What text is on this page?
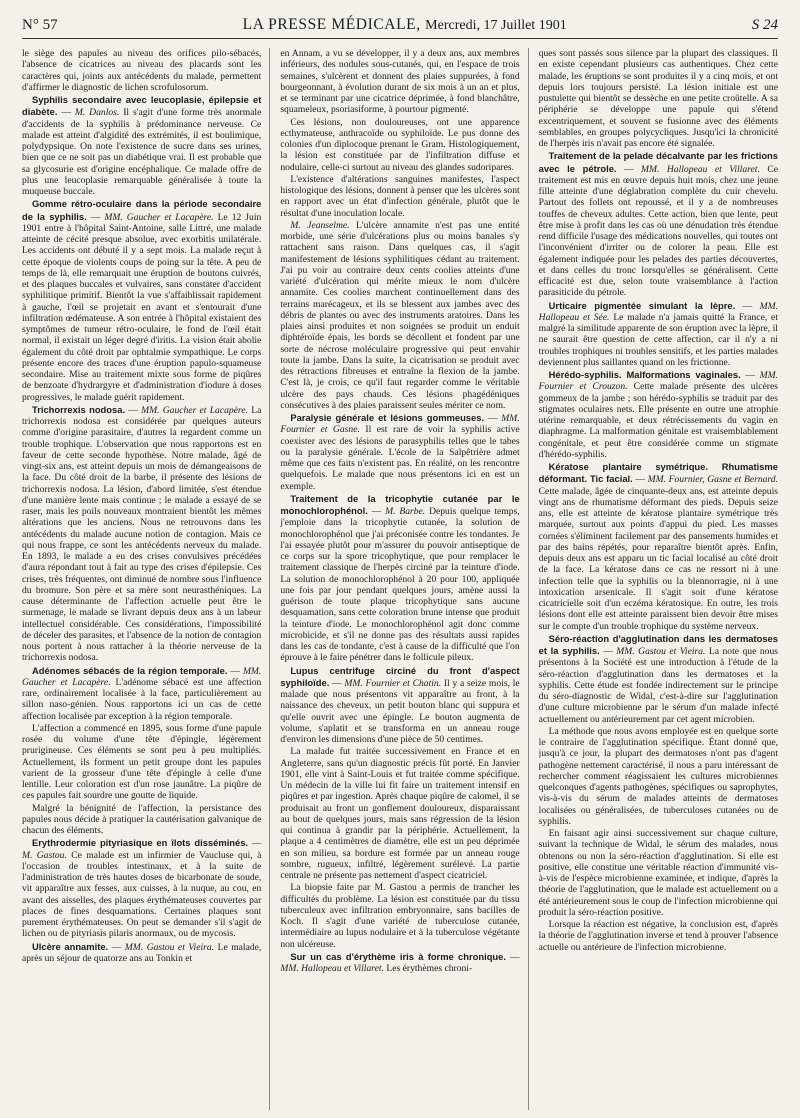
N° 57	LA PRESSE MÉDICALE, Mercredi, 17 Juillet 1901	S 24

le siège des papules au niveau des orifices pilo-sébacés, l'absence de cicatrices au niveau des placards sont les caractères qui, joints aux antécédents du malade, permettent d'affirmer le diagnostic de lichen scrofulosorum.

Syphilis secondaire avec leucoplasie, épilepsie et diabète. — M. Danlos. Il s'agit d'une forme très anormale d'accidents de la syphilis à prédominance nerveuse. Ce malade est atteint d'algidité des extrémités, il est boulimique, polydypsique. On note l'existence de sucre dans ses urines, bien que ce ne soit pas un diabétique vrai. Il est probable que sa glycosurie est d'origine encéphalique. Ce malade offre de plus une leucoplasie remarquable généralisée à toute la muqueuse buccale.

Gomme rétro-oculaire dans la période secondaire de la syphilis. — MM. Gaucher et Lacapère. Le 12 Juin 1901 entre à l'hôpital Saint-Antoine, salle Littré, une malade atteinte de cécité presque absolue, avec exorbitis unilatérale. Les accidents ont débuté il y a sept mois. La malade reçut à cette époque de violents coups de poing sur la tête. A peu de temps de là, elle remarquait une éruption de boutons cuivrés, et des plaques buccales et vulvaires, sans constater d'accident syphilitique primitif. Bientôt la vue s'affaiblissait rapidement à gauche, l'œil se projetait en avant et s'entourait d'une infiltration œdémateuse. A son entrée à l'hôpital existaient des symptômes de tumeur rétro-oculaire, le fond de l'œil était normal, il existait un léger degré d'iritis. La vision était abolie également du côté droit par ophtalmie sympathique. Le corps présente encore des traces d'une éruption papulo-squameuse secondaire. Mise au traitement mixte sous forme de piqûres de benzoate d'hydrargyre et d'administration d'iodure à doses progressives, le malade guérit rapidement.

Trichorrexis nodosa. — MM. Gaucher et Lacapère. La trichorrexis nodosa est considérée par quelques auteurs comme d'origine parasitaire, d'autres la regardent comme un trouble trophique. L'observation que nous rapportons est en faveur de cette seconde hypothèse. Notre malade, âgé de vingt-six ans, est atteint depuis un mois de démangeaisons de la face. Du côté droit de la barbe, il présente des lésions de trichorrexis nodosa. La lésion, d'abord limitée, s'est étendue d'une manière lente mais continue ; le malade a essayé de se raser, mais les poils nouveaux montraient bientôt les mêmes altérations que les anciens. Nous ne retrouvons dans les antécédents du malade aucune notion de contagion. Mais ce qui nous frappe, ce sont les antécédents nerveux du malade. En 1893, le malade a eu des crises convulsives précédées d'aura répondant tout à fait au type des crises d'épilepsie. Ces crises, très fréquentes, ont diminué de nombre sous l'influence du bromure. Son père et sa mère sont neurasthéniques. La cause déterminante de l'affection actuelle peut être le surmenage, le malade se livrant depuis deux ans à un labeur intellectuel considérable. Ces considérations, l'impossibilité de déceler des parasites, et l'absence de la notion de contagion nous portent à nous rattacher à la théorie nerveuse de la trichorrexis nodosa.

Adénomes sébacés de la région temporale. — MM. Gaucher et Lacapère. L'adénome sébacé est une affection rare, ordinairement localisée à la face, particulièrement au sillon naso-génien. Nous rapportons ici un cas de cette affection localisée par exception à la région temporale.

L'affection a commencé en 1895, sous forme d'une papule rosée du volume d'une tête d'épingle, légèrement prurigineuse. Ces éléments se sont peu à peu multipliés. Actuellement, ils forment un petit groupe dont les papules varient de la grosseur d'une tête d'épingle à celle d'une lentille. Leur coloration est d'un rose jaunâtre. La piqûre de ces papules fait sourdre une goutte de liquide.

Malgré la bénignité de l'affection, la persistance des papules nous décide à pratiquer la cautérisation galvanique de chacun des éléments.

Erythrodermie pityriasique en îlots disséminés. — M. Gastou. Ce malade est un infirmier de Vaucluse qui, à l'occasion de troubles intestinaux, et à la suite de l'administration de très hautes doses de bicarbonate de soude, vit apparaître aux fesses, aux cuisses, à la nuque, au cou, en avant des aisselles, des plaques érythémateuses couvertes par places de fines desquamations. Certaines plaques sont purement érythémateuses. On peut se demander s'il s'agit de lichen ou de pityriasis pilaris anormaux, ou de mycosis.

Ulcère annamite. — MM. Gastou et Vieira. Le malade, après un séjour de quatorze ans au Tonkin et

en Annam, a vu se développer, il y a deux ans, aux membres inférieurs, des nodules sous-cutanés, qui, en l'espace de trois semaines, s'ulcèrent et donnent des plaies suppurées, à fond bourgeonnant, à évolution durant de six mois à un an et plus, et se terminant par une cicatrice déprimée, à fond blanchâtre, squameleux, psoriasiforme, à pourtour pigmenté.

Ces lésions, non douloureuses, ont une apparence ecthymateuse, anthracoïde ou syphiloïde. Le pus donne des colonies d'un diplocoque prenant le Gram. Histologiquement, la lésion est constituée par de l'infiltration diffuse et nodulaire, celle-ci surtout au niveau des glandes sudoripares.

L'existence d'altérations sanguines manifestes, l'aspect histologique des lésions, donnent à penser que les ulcères sont en rapport avec un état d'infection générale, plutôt que le résultat d'une inoculation locale.

M. Jeanselme. L'ulcère annamite n'est pas une entité morbide, une série d'ulcérations plus ou moins banales s'y rattachent sans raison. Dans quelques cas, il s'agit manifestement de lésions syphilitiques cédant au traitement. J'ai pu voir au contraire deux cents coolies atteints d'une variété d'ulcération qui mérite mieux le nom d'ulcère annamite. Ces coolies marchent continuellement dans des terrains marécageux, et ils se blessent aux jambes avec des débris de plantes ou avec des instruments aratoires. Dans les plaies ainsi produites et non soignées se produit un enduit diphtéroïde épais, les bords se décollent et fondent par une sorte de nécrose moléculaire progressive qui peut envahir toute la jambe. Dans la suite, la cicatrisation se produit avec des rétractions fibreuses et entraîne la flexion de la jambe. C'est là, je crois, ce qu'il faut regarder comme le véritable ulcère des pays chauds. Ces lésions phagédéniques consécutives à des plaies paraissent seules mériter ce nom.

Paralysie générale et lésions gommeuses. — MM. Fournier et Gasne. Il est rare de voir la syphilis active coexister avec des lésions de parasyphilis telles que le tabes ou la paralysie générale. L'école de la Salpêtrière admet même que ces faits n'existent pas. En réalité, on les rencontre quelquefois. Le malade que nous présentons ici en est un exemple.

Traitement de la tricophytie cutanée par le monochlorophénol. — M. Barbe. Depuis quelque temps, j'emploie dans la tricophytie cutanée, la solution de monochlorophénol que j'ai préconisée contre les tondantes. Je l'ai essayée plutôt pour m'assurer du pouvoir antiseptique de ce corps sur la spore tricophytique, que pour remplacer le traitement classique de l'herpès circiné par la teinture d'iode. La solution de monochlorophénol à 20 pour 100, appliquée une fois par jour pendant quelques jours, amène aussi la guérison de toute plaque tricophytique sans aucune desquamation, sans cette coloration brune intense que produit la teinture d'iode. Le monochlorophénol agit donc comme microbicide, et s'il ne donne pas des résultats aussi rapides dans les cas de tondante, c'est à cause de la difficulté que l'on éprouve à le faire pénétrer dans le follicule pileux.

Lupus centrifuge circiné du front d'aspect syphiloïde. — MM. Fournier et Chatin. Il y a seize mois, le malade que nous présentons vit apparaître au front, à la naissance des cheveux, un petit bouton blanc qui suppura et qu'elle ouvrit avec une épingle. Le bouton augmenta de volume, s'aplatit et se transforma en un anneau rouge d'environ les dimensions d'une pièce de 50 centimes.

La malade fut traitée successivement en France et en Angleterre, sans qu'un diagnostic précis fût porté. En Janvier 1901, elle vint à Saint-Louis et fut traitée comme spécifique. Un médecin de la ville lui fit faire un traitement intensif en piqûres et par ingestion. Après chaque piqûre de calomel, il se produisait au front un gonflement douloureux, disparaissant au bout de quelques jours, mais sans régression de la lésion qui continua à grandir par la périphérie. Actuellement, la plaque a 4 centimètres de diamètre, elle est un peu déprimée en son milieu, sa bordure est formée par un anneau rouge sombre, rugueux, infiltré, légèrement surélevé. La partie centrale ne présente pas nettement d'aspect cicatriciel.

La biopsie faite par M. Gastou a permis de trancher les difficultés du problème. La lésion est constituée par du tissu tuberculeux avec infiltration embryonnaire, sans bacilles de Koch. Il s'agit d'une variété de tuberculose cutanée, intermédiaire au lupus nodulaire et à la tuberculose végétante non ulcéreuse.

Sur un cas d'érythème iris à forme chronique. — MM. Hallopeau et Villaret. Les érythèmes chroni-

ques sont passés sous silence par la plupart des classiques. Il en existe cependant plusieurs cas authentiques. Chez cette malade, les éruptions se sont produites il y a cinq mois, et ont depuis lors toujours persisté. La lésion initiale est une pustulette qui bientôt se dessèche en une petite croûtelle. A sa périphérie se développe une papule qui s'étend excentriquement, et souvent se fusionne avec des éléments semblables, en groupes polycycliques. Jusqu'ici la chronicité de l'herpès iris n'avait pas encore été signalée.

Traitement de la pelade décalvante par les frictions avec le pétrole. — MM. Hallopeau et Villaret. Ce traitement est mis en œuvre depuis huit mois, chez une jeune fille atteinte d'une déglabration complète du cuir chevelu. Partout des follets ont repoussé, et il y a de nombreuses touffes de cheveux adultes. Cette action, bien que lente, peut être mise à profit dans les cas où une dénudation très étendue rend difficile l'usage des médications nouvelles, qui toutes ont l'inconvénient d'irriter ou de colorer la peau. Elle est également indiquée pour les pelades des parties découvertes, et dans celles du tronc lorsqu'elles se généralisent. Cette efficacité est due, selon toute vraisemblance à l'action parasiticide du pétrole.

Urticaire pigmentée simulant la lèpre. — MM. Hallopeau et Sée. Le malade n'a jamais quitté la France, et malgré la similitude apparente de son éruption avec la lèpre, il ne saurait être question de cette affection, car il n'y a ni troubles trophiques ni troubles sensitifs, et les parties malades deviennent plus saillantes quand on les frictionne.

Hérédo-syphilis. Malformations vaginales. — MM. Fournier et Crouzon. Cette malade présente des ulcères gommeux de la jambe ; son hérédo-syphilis se traduit par des stigmates oculaires nets. Elle présente en outre une atrophie utérine remarquable, et deux rétrécissements du vagin en diaphragme. La malformation génitale est vraisemblablement congénitale, et peut être considérée comme un stigmate d'hérédo-syphilis.

Kératose plantaire symétrique. Rhumatisme déformant. Tic facial. — MM. Fournier, Gasne et Bernard. Cette malade, âgée de cinquante-deux ans, est atteinte depuis vingt ans de rhumatisme déformant des pieds. Depuis seize ans, elle est atteinte de kératose plantaire symétrique très marquée, surtout aux points d'appui du pied. Les masses cornées s'éliminent facilement par des pansements humides et par des bains répétés, pour reparaître bientôt après. Enfin, depuis deux ans est apparu un tic facial localisé au côté droit de la face. La kératose dans ce cas ne ressort ni à une infection telle que la syphilis ou la blennorragie, ni à une intoxication arsenicale. Il s'agit soit d'une kératose cicatricielle soit d'un eczéma kératosique. En outre, les trois lésions dont elle est atteinte paraissent bien devoir être mises sur le compte d'un trouble trophique du système nerveux.

Séro-réaction d'agglutination dans les dermatoses et la syphilis. — MM. Gastou et Vieira. La note que nous présentons à la Société est une introduction à l'étude de la séro-réaction d'agglutination dans les dermatoses et la syphilis. Cette étude est fondée indirectement sur le principe du séro-diagnostic de Widal, c'est-à-dire sur l'agglutination d'une culture microbienne par le sérum d'un malade infecté actuellement ou antérieurement par cet agent microbien.

La méthode que nous avons employée est en quelque sorte le contraire de l'agglutination spécifique. Étant donné que, jusqu'à ce jour, la plupart des dermatoses n'ont pas d'agent pathogène nettement caractérisé, il nous a paru intéressant de rechercher comment réagissaient les cultures microbiennes quelconques d'agents pathogènes, spécifiques ou saprophytes, vis-à-vis du sérum de malades atteints de dermatoses localisées ou généralisées, de tuberculoses cutanées ou de syphilis.

En faisant agir ainsi successivement sur chaque culture, suivant la technique de Widal, le sérum des malades, nous obtenons ou non la séro-réaction d'agglutination. Si elle est positive, elle constitue une véritable réaction d'immunité vis-à-vis de l'espèce microbienne examinée, et indique, d'après la théorie de l'agglutination, que le malade est actuellement ou a été antérieurement sous le coup de l'infection microbienne qui produit la séro-réaction positive.

Lorsque la réaction est négative, la conclusion est, d'après la théorie de l'agglutination inverse et tend à prouver l'absence actuelle ou antérieure de l'infection microbienne.
